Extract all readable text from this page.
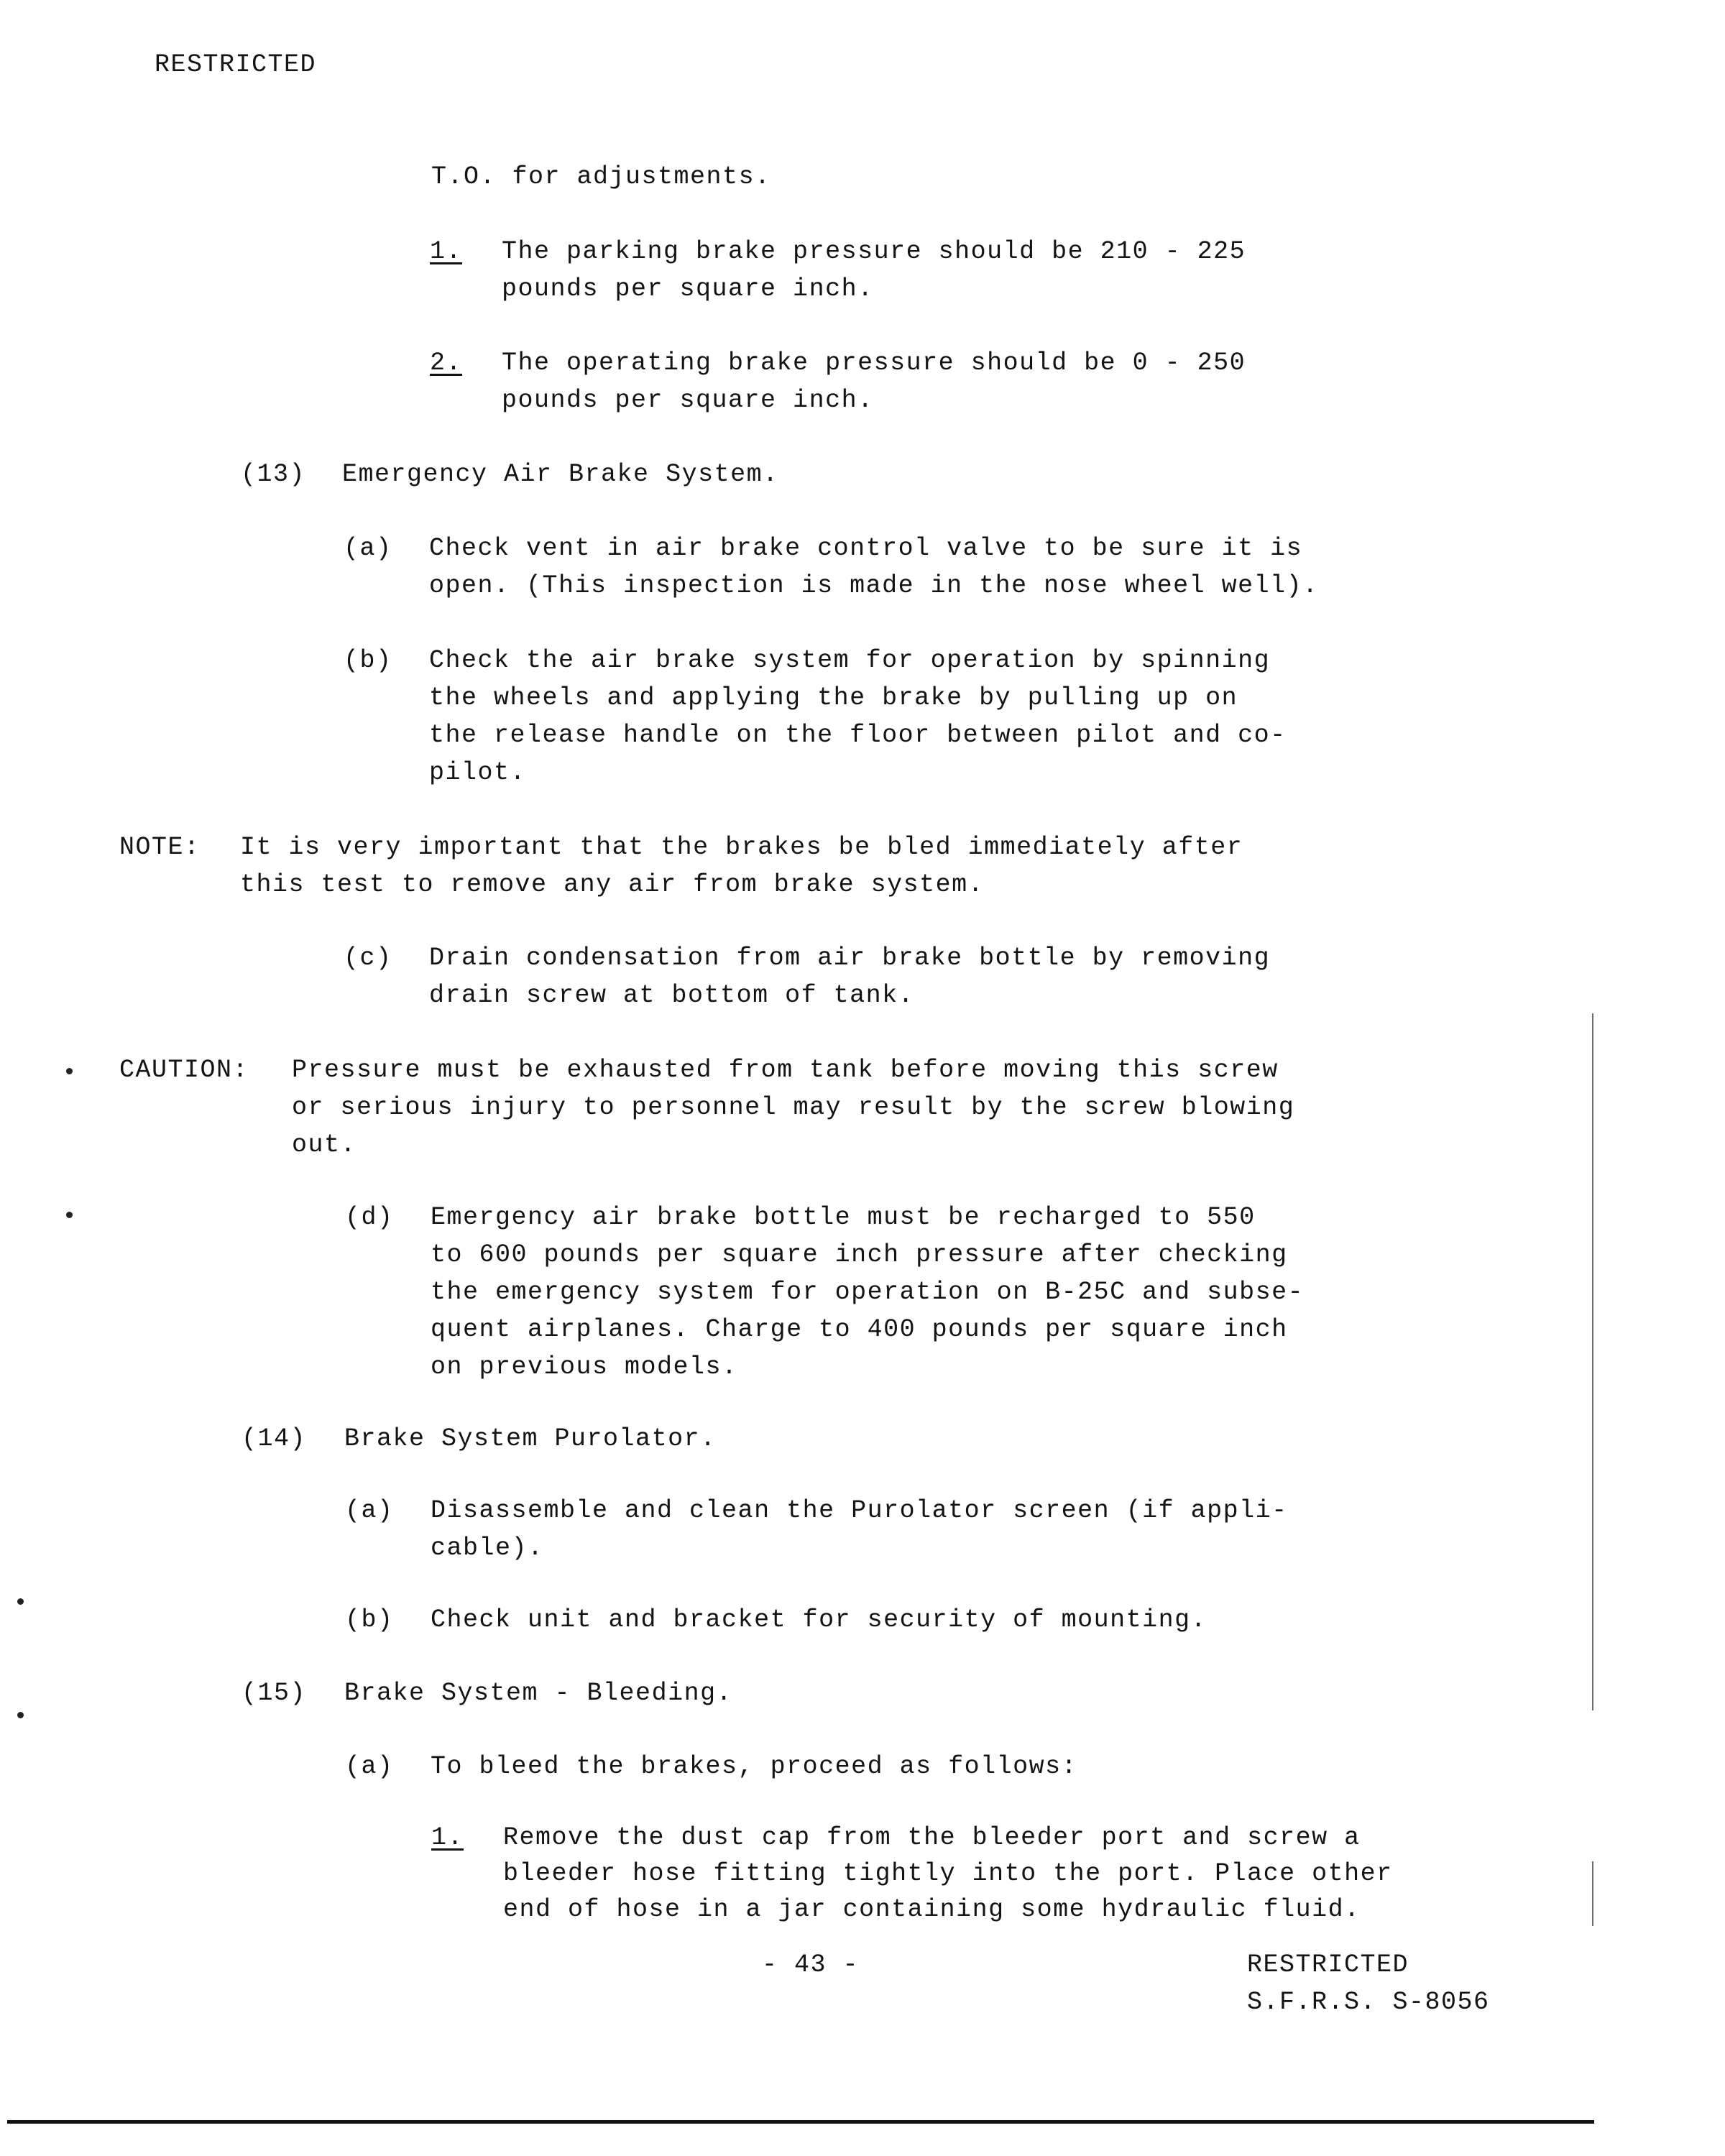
RESTRICTED

T.O. for adjustments.

1. The parking brake pressure should be 210 - 225

pounds per square inch.

2. The operating brake pressure should be 0 - 250

pounds per square inch.

(13) Emergency Air Brake System.

(a) Check vent in air brake control valve to be sure it is

open. (This inspection is made in the nose wheel well).

(b) Check the air brake system for operation by spinning

the wheels and applying the brake by pulling up on

the release handle on the floor between pilot and co-

pilot.

NOTE: It is very important that the brakes be bled immediately after

this test to remove any air from brake system.

(c) Drain condensation from air brake bottle by removing

drain screw at bottom of tank.

CAUTION: Pressure must be exhausted from tank before moving this screw

or serious injury to personnel may result by the screw blowing

out.

(d) Emergency air brake bottle must be recharged to 550

to 600 pounds per square inch pressure after checking

the emergency system for operation on B-25C and subse-

quent airplanes. Charge to 400 pounds per square inch

on previous models.

(14) Brake System Purolator.

(a) Disassemble and clean the Purolator screen (if appli-

cable).

(b) Check unit and bracket for security of mounting.

(15) Brake System - Bleeding.

(a) To bleed the brakes, proceed as follows:

1. Remove the dust cap from the bleeder port and screw a

bleeder hose fitting tightly into the port. Place other

end of hose in a jar containing some hydraulic fluid.

- 43 -	RESTRICTED

S.F.R.S. S-8056
